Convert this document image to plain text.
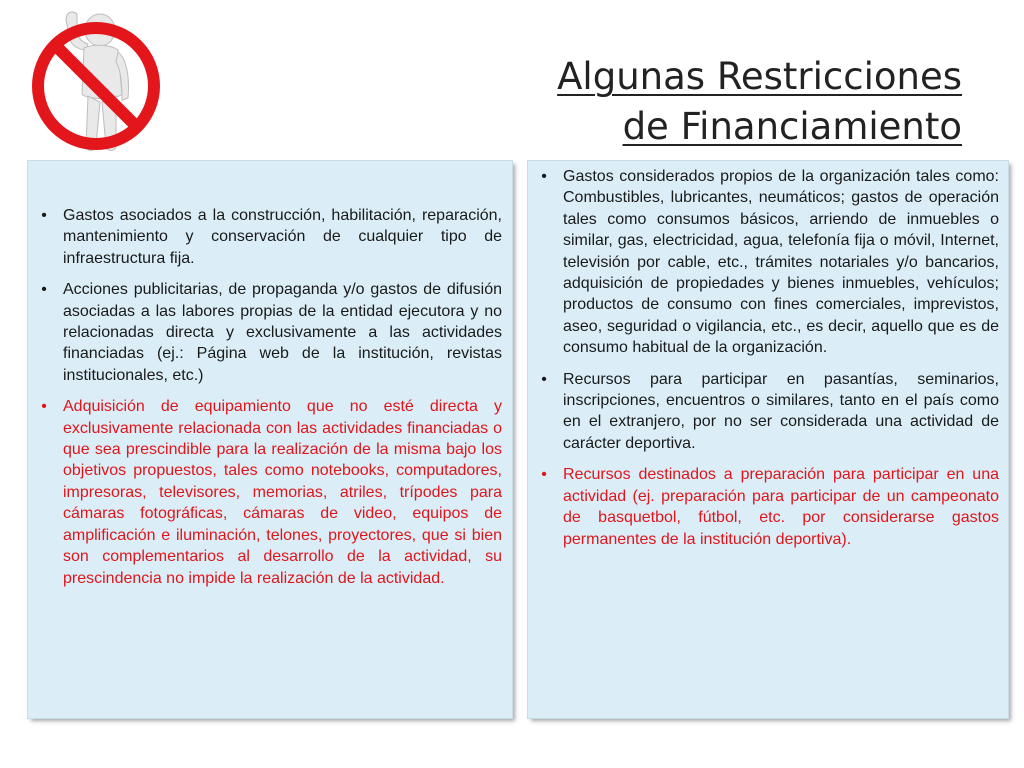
Algunas Restricciones
de Financiamiento
• Gastos asociados a la construcción, habilitación, reparación, mantenimiento y conservación de cualquier tipo de infraestructura fija.
• Acciones publicitarias, de propaganda y/o gastos de difusión asociadas a las labores propias de la entidad ejecutora y no relacionadas directa y exclusivamente a las actividades financiadas (ej.: Página web de la institución, revistas institucionales, etc.)
• Adquisición de equipamiento que no esté directa y exclusivamente relacionada con las actividades financiadas o que sea prescindible para la realización de la misma bajo los objetivos propuestos, tales como notebooks, computadores, impresoras, televisores, memorias, atriles, trípodes para cámaras fotográficas, cámaras de video, equipos de amplificación e iluminación, telones, proyectores, que si bien son complementarios al desarrollo de la actividad, su prescindencia no impide la realización de la actividad.
• Gastos considerados propios de la organización tales como: Combustibles, lubricantes, neumáticos; gastos de operación tales como consumos básicos, arriendo de inmuebles o similar, gas, electricidad, agua, telefonía fija o móvil, Internet, televisión por cable, etc., trámites notariales y/o bancarios, adquisición de propiedades y bienes inmuebles, vehículos; productos de consumo con fines comerciales, imprevistos, aseo, seguridad o vigilancia, etc., es decir, aquello que es de consumo habitual de la organización.
• Recursos para participar en pasantías, seminarios, inscripciones, encuentros o similares, tanto en el país como en el extranjero, por no ser considerada una actividad de carácter deportiva.
• Recursos destinados a preparación para participar en una actividad (ej. preparación para participar de un campeonato de basquetbol, fútbol, etc. por considerarse gastos permanentes de la institución deportiva).
